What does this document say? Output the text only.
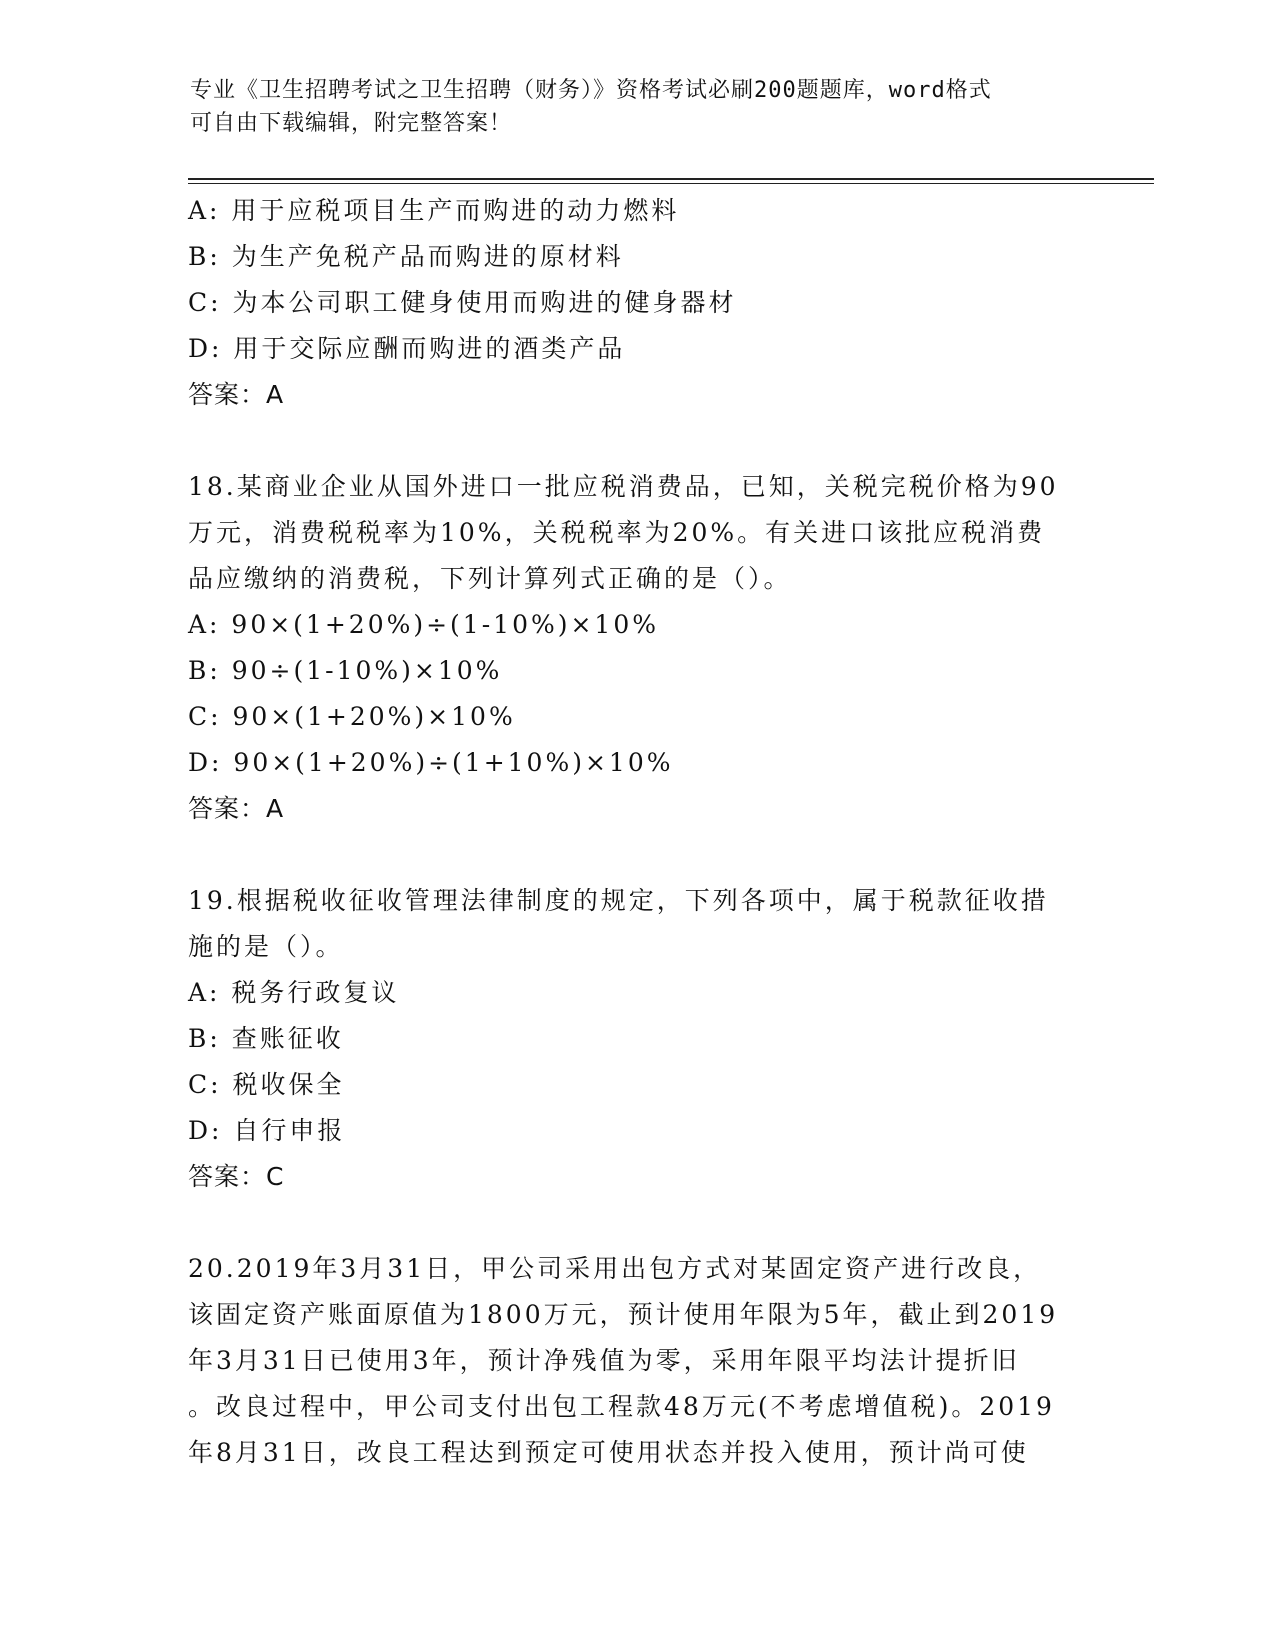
专业《卫生招聘考试之卫生招聘（财务）》资格考试必刷200题题库，word格式
可自由下载编辑，附完整答案！
A: 用于应税项目生产而购进的动力燃料
B: 为生产免税产品而购进的原材料
C: 为本公司职工健身使用而购进的健身器材
D: 用于交际应酬而购进的酒类产品
答案：A
18.某商业企业从国外进口一批应税消费品，已知，关税完税价格为90
万元，消费税税率为10%，关税税率为20%。有关进口该批应税消费
品应缴纳的消费税，下列计算列式正确的是（）。
A: 90×(1+20%)÷(1-10%)×10%
B: 90÷(1-10%)×10%
C: 90×(1+20%)×10%
D: 90×(1+20%)÷(1+10%)×10%
答案：A
19.根据税收征收管理法律制度的规定，下列各项中，属于税款征收措
施的是（）。
A: 税务行政复议
B: 查账征收
C: 税收保全
D: 自行申报
答案：C
20.2019年3月31日，甲公司采用出包方式对某固定资产进行改良，
该固定资产账面原值为1800万元，预计使用年限为5年，截止到2019
年3月31日已使用3年，预计净残值为零，采用年限平均法计提折旧
。改良过程中，甲公司支付出包工程款48万元(不考虑增值税)。2019
年8月31日，改良工程达到预定可使用状态并投入使用，预计尚可使
